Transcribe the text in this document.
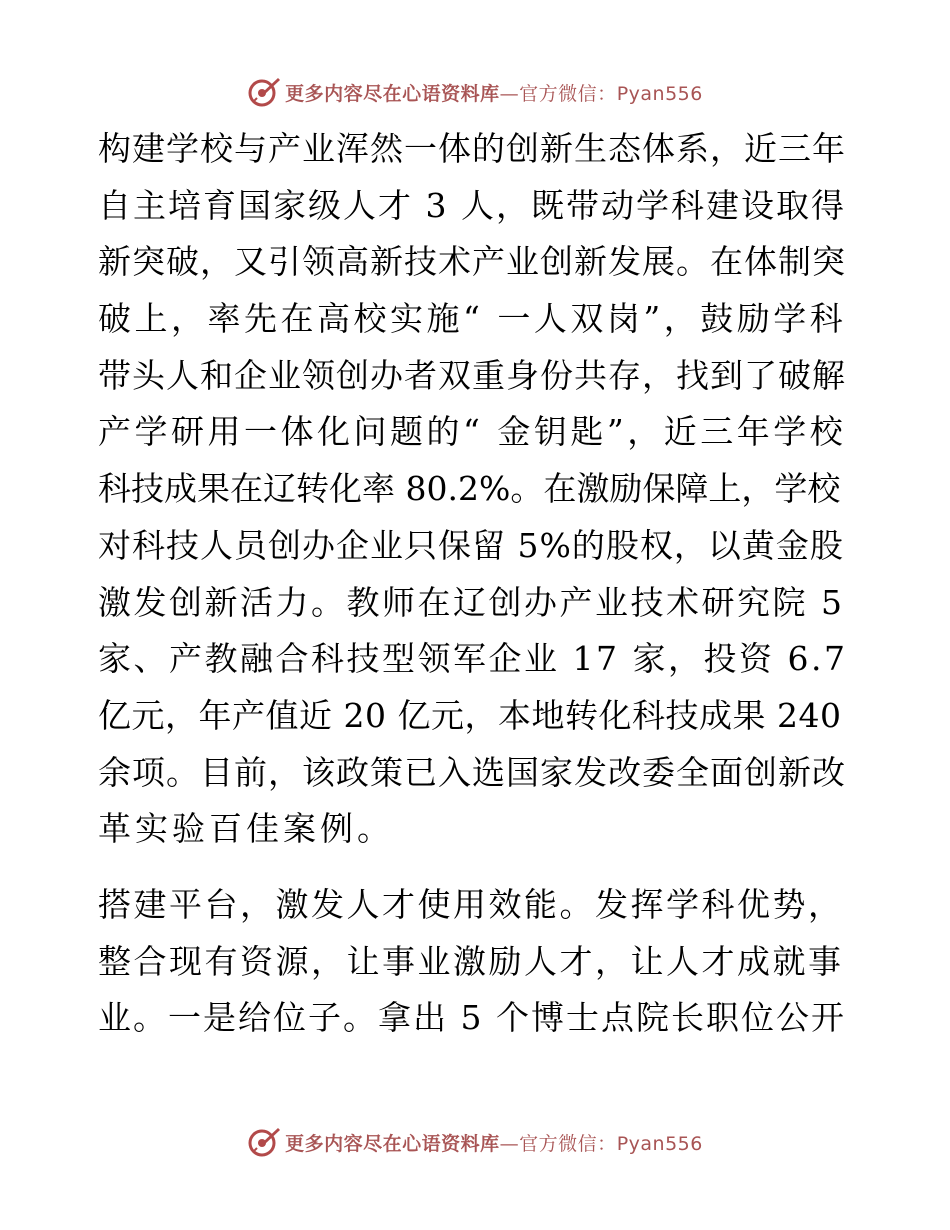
更多内容尽在心语资料库—官方微信：Pyan556
构建学校与产业浑然一体的创新生态体系，近三年
自主培育国家级人才 3 人，既带动学科建设取得
新突破，又引领高新技术产业创新发展。在体制突
破上，率先在高校实施“ 一人双岗”，鼓励学科
带头人和企业领创办者双重身份共存，找到了破解
产学研用一体化问题的“ 金钥匙”，近三年学校
科技成果在辽转化率 80.2%。在激励保障上，学校
对科技人员创办企业只保留 5%的股权，以黄金股
激发创新活力。教师在辽创办产业技术研究院 5
家、产教融合科技型领军企业 17 家，投资 6.7
亿元，年产值近 20 亿元，本地转化科技成果 240
余项。目前，该政策已入选国家发改委全面创新改
革实验百佳案例。
搭建平台，激发人才使用效能。发挥学科优势，
整合现有资源，让事业激励人才，让人才成就事
业。一是给位子。拿出 5 个博士点院长职位公开
更多内容尽在心语资料库—官方微信：Pyan556
